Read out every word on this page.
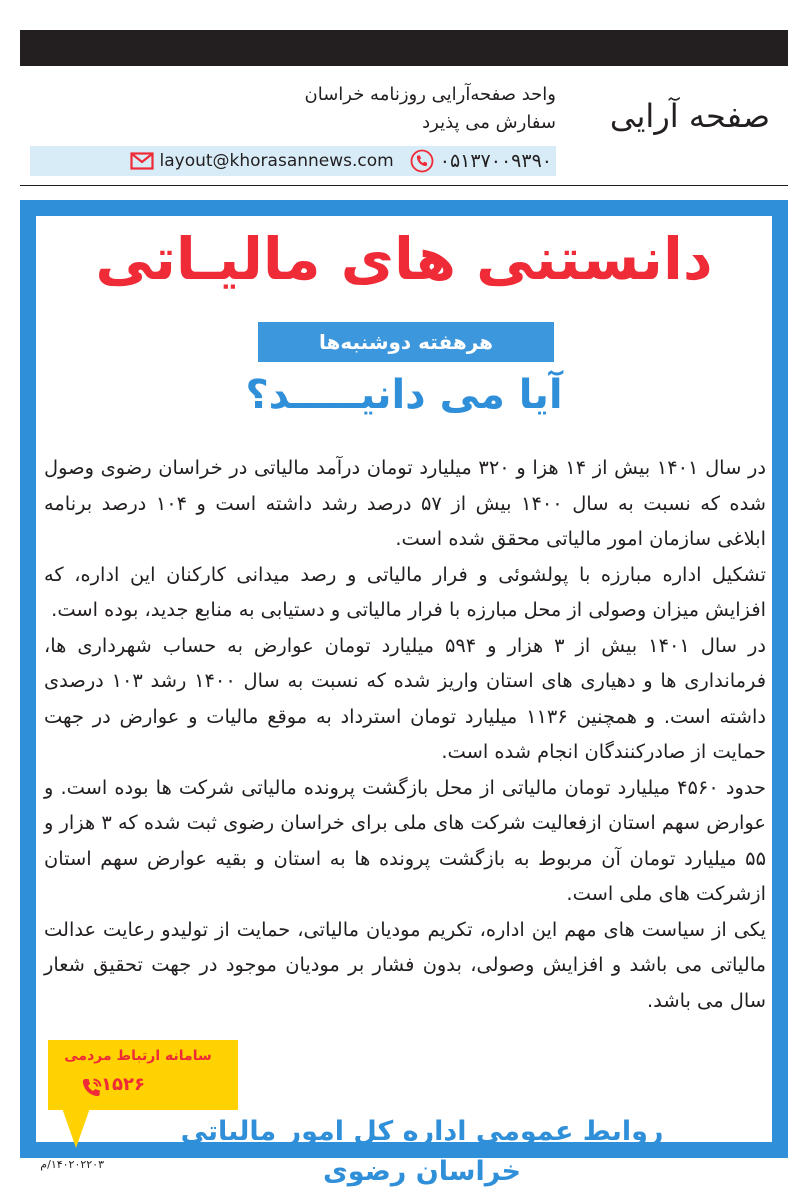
صفحه آرایی
واحد صفحه‌آرایی روزنامه خراسان
سفارش می پذیرد
layout@khorasannews.com ۰۵۱۳۷۰۰۹۳۹۰
دانستنی های مالیـاتی
هرهفته دوشنبه‌ها
آیا می دانیـــــد؟

در سال ۱۴۰۱ بیش از ۱۴ هزا و ۳۲۰ میلیارد تومان درآمد مالیاتی در خراسان رضوی وصول شده که نسبت به سال ۱۴۰۰ بیش از ۵۷ درصد رشد داشته است و ۱۰۴ درصد برنامه ابلاغی سازمان امور مالیاتی محقق شده است.

تشکیل اداره مبارزه با پولشوئی و فرار مالیاتی و رصد میدانی کارکنان این اداره، که افزایش میزان وصولی از محل مبارزه با فرار مالیاتی و دستیابی به منابع جدید، بوده است.

در سال ۱۴۰۱ بیش از ۳ هزار و ۵۹۴ میلیارد تومان عوارض به حساب شهرداری ها، فرمانداری ها و دهیاری های استان واریز شده که نسبت به سال ۱۴۰۰ رشد ۱۰۳ درصدی داشته است. و همچنین ۱۱۳۶ میلیارد تومان استرداد به موقع مالیات و عوارض در جهت حمایت از صادرکنندگان انجام شده است.

حدود ۴۵۶۰ میلیارد تومان مالیاتی از محل بازگشت پرونده مالیاتی شرکت ها بوده است. و عوارض سهم استان ازفعالیت شرکت های ملی برای خراسان رضوی ثبت شده که ۳ هزار و ۵۵ میلیارد تومان آن مربوط به بازگشت پرونده ها به استان و بقیه عوارض سهم استان ازشرکت های ملی است.

یکی از سیاست های مهم این اداره، تکریم مودیان مالیاتی، حمایت از تولیدو رعایت عدالت مالیاتی می باشد و افزایش وصولی، بدون فشار بر مودیان موجود در جهت تحقیق شعار سال می باشد.

سامانه ارتباط مردمی
۱۵۲۶
روابط عمومی اداره کل امور مالیاتی خراسان رضوی
۱۴۰۲۰۲۲۰۳/م
